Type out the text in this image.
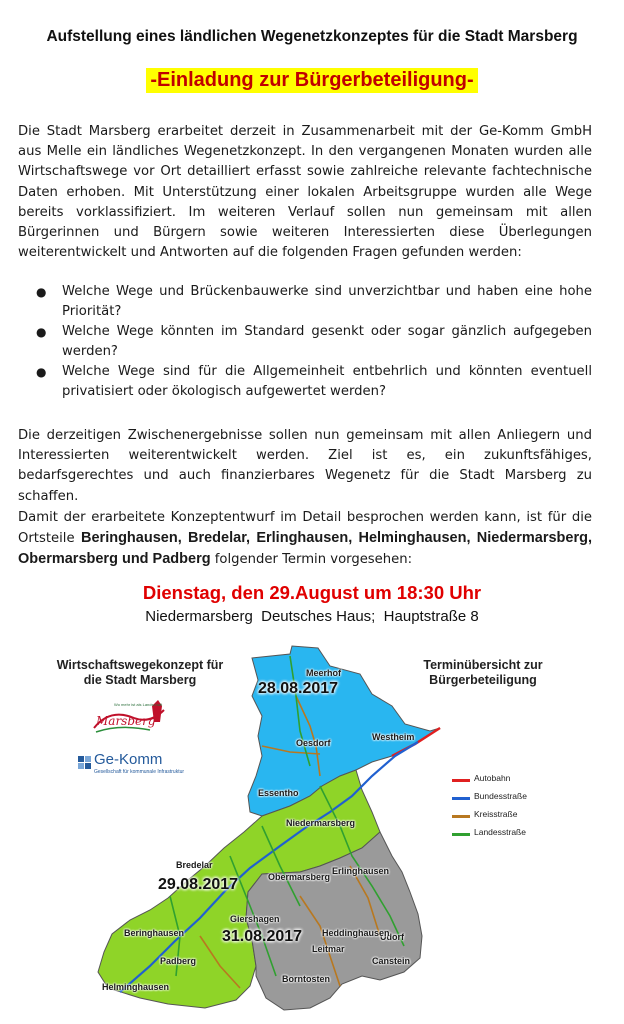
Aufstellung eines ländlichen Wegenetzkonzeptes für die Stadt Marsberg
-Einladung zur Bürgerbeteiligung-
Die Stadt Marsberg erarbeitet derzeit in Zusammenarbeit mit der Ge-Komm GmbH aus Melle ein ländliches Wegenetzkonzept. In den vergangenen Monaten wurden alle Wirtschaftswege vor Ort detailliert erfasst sowie zahlreiche relevante fachtechnische Daten erhoben. Mit Unterstützung einer lokalen Arbeitsgruppe wurden alle Wege bereits vorklassifiziert. Im weiteren Verlauf sollen nun gemeinsam mit allen Bürgerinnen und Bürgern sowie weiteren Interessierten diese Überlegungen weiterentwickelt und Antworten auf die folgenden Fragen gefunden werden:
● Welche Wege und Brückenbauwerke sind unverzichtbar und haben eine hohe Priorität?
● Welche Wege könnten im Standard gesenkt oder sogar gänzlich aufgegeben werden?
● Welche Wege sind für die Allgemeinheit entbehrlich und könnten eventuell privatisiert oder ökologisch aufgewertet werden?
Die derzeitigen Zwischenergebnisse sollen nun gemeinsam mit allen Anliegern und Interessierten weiterentwickelt werden. Ziel ist es, ein zukunftsfähiges, bedarfsgerechtes und auch finanzierbares Wegenetz für die Stadt Marsberg zu schaffen.
Damit der erarbeitete Konzeptentwurf im Detail besprochen werden kann, ist für die Ortsteile Beringhausen, Bredelar, Erlinghausen, Helminghausen, Niedermarsberg, Obermarsberg und Padberg folgender Termin vorgesehen:
Dienstag, den 29.August um 18:30 Uhr
Niedermarsberg  Deutsches Haus;  Hauptstraße 8
Wirtschaftswegekonzept für die Stadt Marsberg
Terminübersicht zur Bürgerbeteiligung
Wo mehr ist als Landschaft
Marsberg
Ge-Komm
Gesellschaft für kommunale Infrastruktur
28.08.2017
29.08.2017
31.08.2017
Meerhof
Westheim
Oesdorf
Essentho
Niedermarsberg
Bredelar
Obermarsberg
Erlinghausen
Giershagen
Udorf
Beringhausen	Heddinghausen
Leitmar
Padberg	Canstein
Borntosten
Helminghausen
Autobahn
Bundesstraße
Kreisstraße
Landesstraße
